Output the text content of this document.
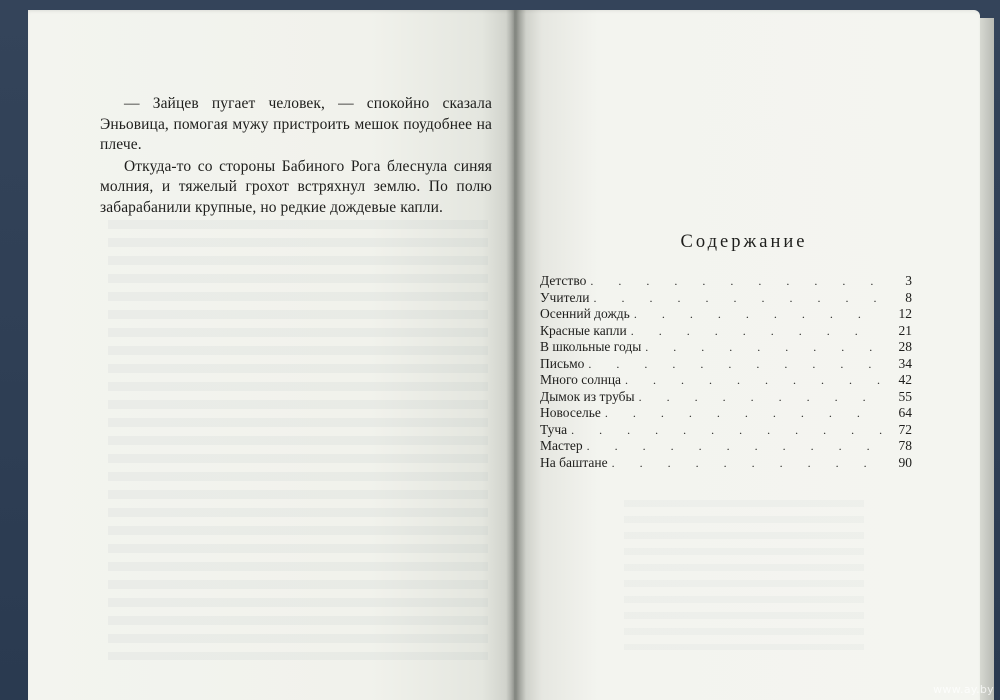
— Зайцев пугает человек, — спокойно сказала Эньовица, помогая мужу пристроить мешок поудобнее на плече.

Откуда-то со стороны Бабиного Рога блеснула синяя молния, и тяжелый грохот встряхнул землю. По полю забарабанили крупные, но редкие дождевые капли.

Содержание
Детство . . .	3
Учители . . .	8
Осенний дождь . . .	12
Красные капли . . .	21
В школьные годы . . .	28
Письмо . . .	34
Много солнца . . .	42
Дымок из трубы . . .	55
Новоселье . . .	64
Туча . . .	72
Мастер . . .	78
На баштане . . .	90
www.ay.by
